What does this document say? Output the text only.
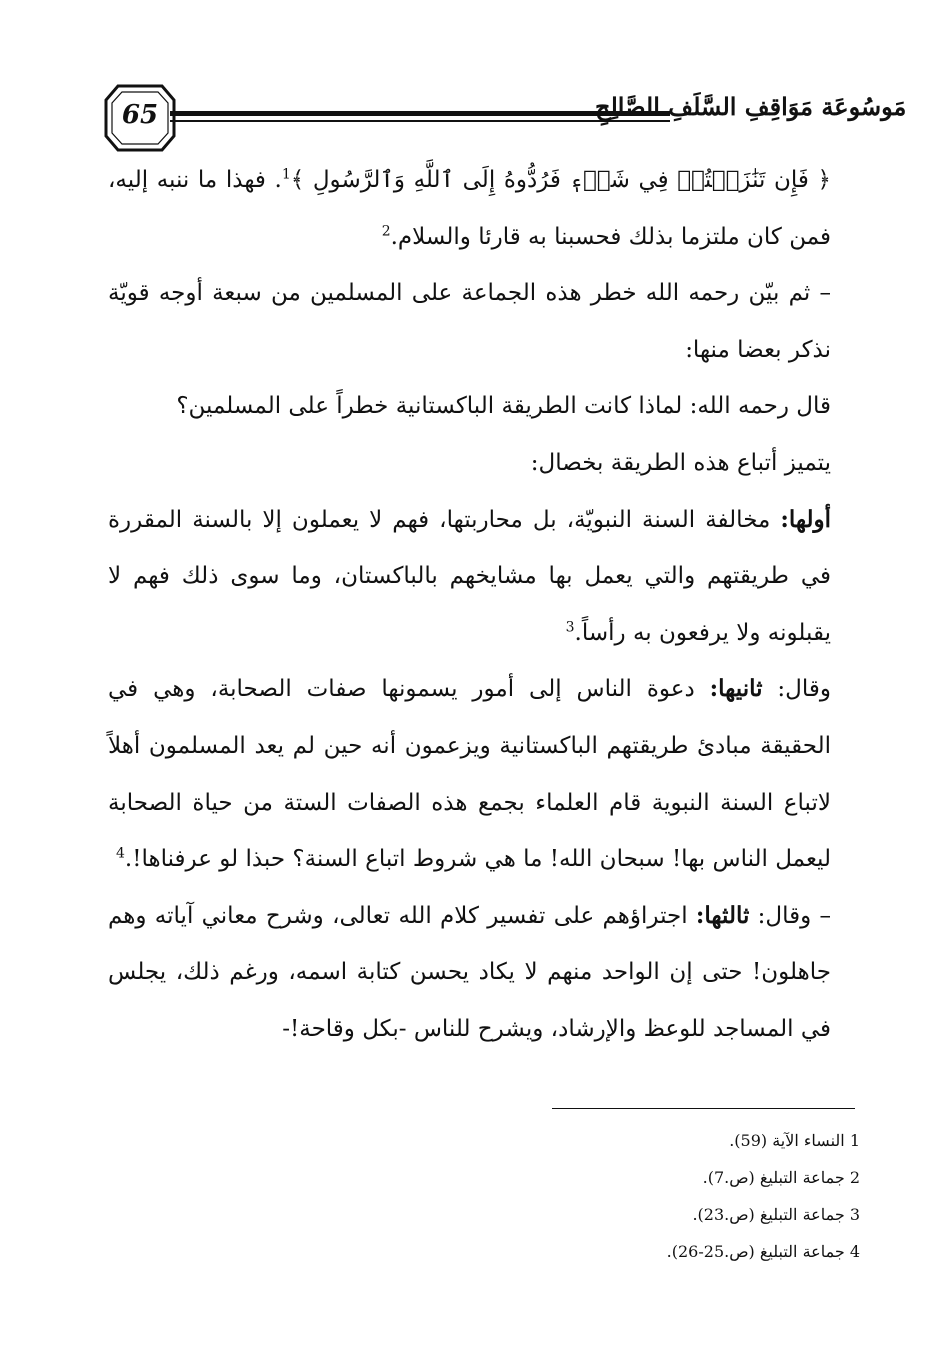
65	مَوسُوعَة مَوَاقِفِ السَّلَفِ الصَّالِحِ

﴿ فَإِن تَنَٰزَعۡتُمۡ فِي شَيۡءٖ فَرُدُّوهُ إِلَى ٱللَّهِ وَٱلرَّسُولِ ﴾$^1$. فهذا ما ننبه إليه، فمن كان ملتزما بذلك فحسبنا به قارئا والسلام.$^2$

– ثم بيّن رحمه الله خطر هذه الجماعة على المسلمين من سبعة أوجه قويّة نذكر بعضا منها:

قال رحمه الله: لماذا كانت الطريقة الباكستانية خطراً على المسلمين؟

يتميز أتباع هذه الطريقة بخصال:

أولها: مخالفة السنة النبويّة، بل محاربتها، فهم لا يعملون إلا بالسنة المقررة في طريقتهم والتي يعمل بها مشايخهم بالباكستان، وما سوى ذلك فهم لا يقبلونه ولا يرفعون به رأساً.$^3$

وقال: ثانيها: دعوة الناس إلى أمور يسمونها صفات الصحابة، وهي في الحقيقة مبادئ طريقتهم الباكستانية ويزعمون أنه حين لم يعد المسلمون أهلاً لاتباع السنة النبوية قام العلماء بجمع هذه الصفات الستة من حياة الصحابة ليعمل الناس بها! سبحان الله! ما هي شروط اتباع السنة؟ حبذا لو عرفناها!.$^4$

– وقال: ثالثها: اجتراؤهم على تفسير كلام الله تعالى، وشرح معاني آياته وهم جاهلون! حتى إن الواحد منهم لا يكاد يحسن كتابة اسمه، ورغم ذلك، يجلس في المساجد للوعظ والإرشاد، ويشرح للناس -بكل وقاحة!-

1 النساء الآية (59).

2 جماعة التبليغ (ص.7).

3 جماعة التبليغ (ص.23).

4 جماعة التبليغ (ص.25-26).
